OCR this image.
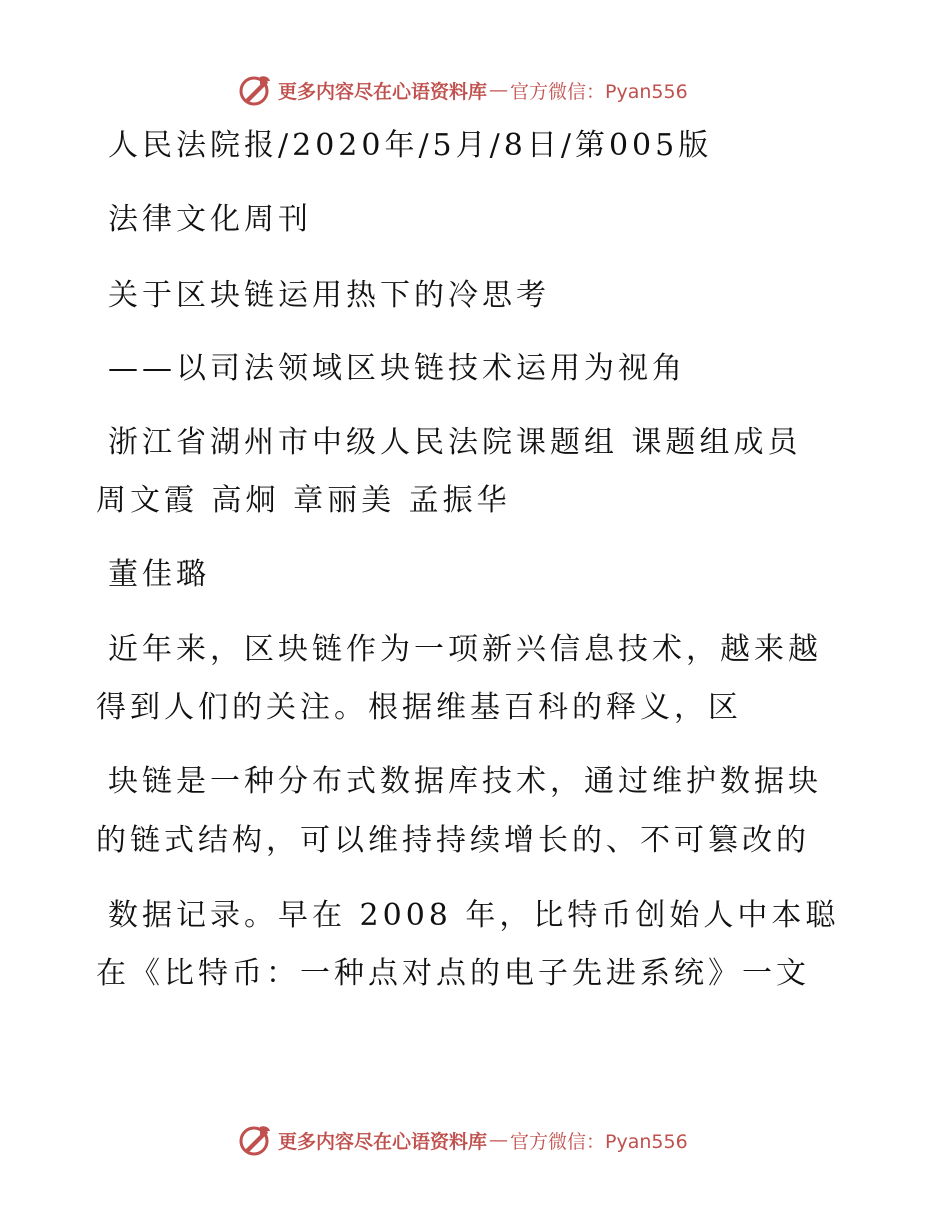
更多内容尽在心语资料库 — 官方微信：Pyan556
人民法院报/2020年/5月/8日/第005版
法律文化周刊
关于区块链运用热下的冷思考
——以司法领域区块链技术运用为视角
浙江省湖州市中级人民法院课题组 课题组成员
周文霞 高炯 章丽美 孟振华
董佳璐
近年来，区块链作为一项新兴信息技术，越来越
得到人们的关注。根据维基百科的释义，区
块链是一种分布式数据库技术，通过维护数据块
的链式结构，可以维持持续增长的、不可篡改的
数据记录。早在 2008 年，比特币创始人中本聪
在《比特币：一种点对点的电子先进系统》一文
更多内容尽在心语资料库 — 官方微信：Pyan556
